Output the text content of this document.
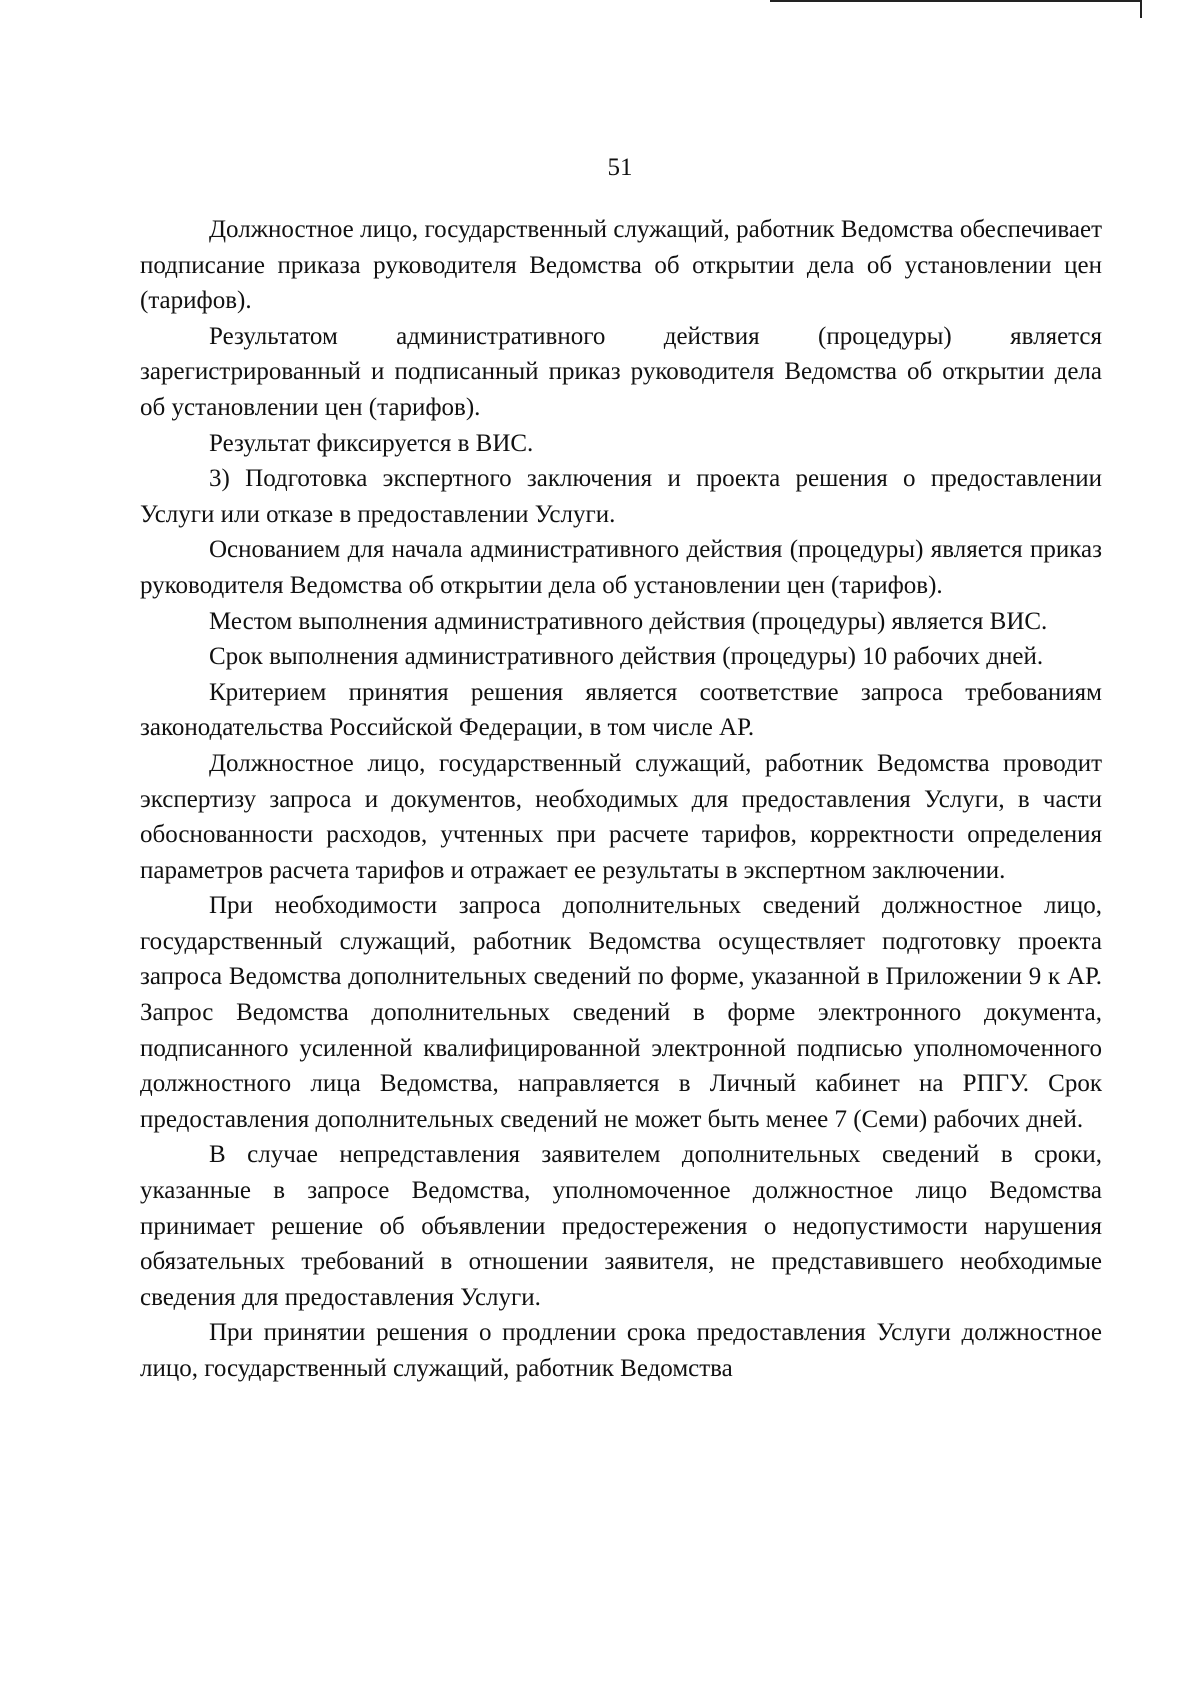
51

Должностное лицо, государственный служащий, работник Ведомства обеспечивает подписание приказа руководителя Ведомства об открытии дела об установлении цен (тарифов).

Результатом административного действия (процедуры) является зарегистрированный и подписанный приказ руководителя Ведомства об открытии дела об установлении цен (тарифов).

Результат фиксируется в ВИС.

3) Подготовка экспертного заключения и проекта решения о предоставлении Услуги или отказе в предоставлении Услуги.

Основанием для начала административного действия (процедуры) является приказ руководителя Ведомства об открытии дела об установлении цен (тарифов).

Местом выполнения административного действия (процедуры) является ВИС.

Срок выполнения административного действия (процедуры) 10 рабочих дней.

Критерием принятия решения является соответствие запроса требованиям законодательства Российской Федерации, в том числе АР.

Должностное лицо, государственный служащий, работник Ведомства проводит экспертизу запроса и документов, необходимых для предоставления Услуги, в части обоснованности расходов, учтенных при расчете тарифов, корректности определения параметров расчета тарифов и отражает ее результаты в экспертном заключении.

При необходимости запроса дополнительных сведений должностное лицо, государственный служащий, работник Ведомства осуществляет подготовку проекта запроса Ведомства дополнительных сведений по форме, указанной в Приложении 9 к АР. Запрос Ведомства дополнительных сведений в форме электронного документа, подписанного усиленной квалифицированной электронной подписью уполномоченного должностного лица Ведомства, направляется в Личный кабинет на РПГУ. Срок предоставления дополнительных сведений не может быть менее 7 (Семи) рабочих дней.

В случае непредставления заявителем дополнительных сведений в сроки, указанные в запросе Ведомства, уполномоченное должностное лицо Ведомства принимает решение об объявлении предостережения о недопустимости нарушения обязательных требований в отношении заявителя, не представившего необходимые сведения для предоставления Услуги.

При принятии решения о продлении срока предоставления Услуги должностное лицо, государственный служащий, работник Ведомства
